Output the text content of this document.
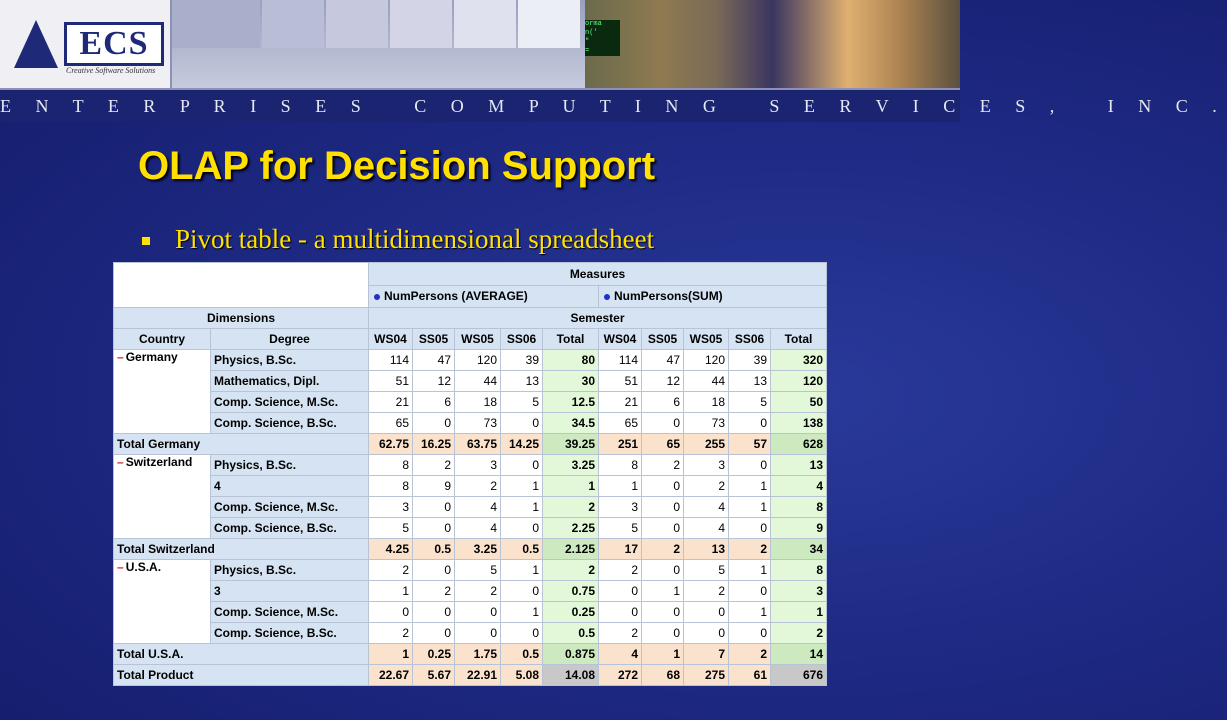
ECS
Creative Software Solutions
orma
n('
"
=
E N T E R P R I S E S   C O M P U T I N G   S E R V I C E S ,   I N C .
OLAP for Decision Support
Pivot table - a multidimensional spreadsheet
		Measures									
		NumPersons (AVERAGE)					NumPersons(SUM)				
Dimensions		Semester									
Country	Degree	WS04	SS05	WS05	SS06	Total	WS04	SS05	WS05	SS06	Total
– Germany	Physics, B.Sc.	114	47	120	39	80	114	47	120	39	320
	Mathematics, Dipl.	51	12	44	13	30	51	12	44	13	120
	Comp. Science, M.Sc.	21	6	18	5	12.5	21	6	18	5	50
	Comp. Science, B.Sc.	65	0	73	0	34.5	65	0	73	0	138
Total Germany		62.75	16.25	63.75	14.25	39.25	251	65	255	57	628
– Switzerland	Physics, B.Sc.	8	2	3	0	3.25	8	2	3	0	13
	4	8	9	2	1	1	1	0	2	1	4
	Comp. Science, M.Sc.	3	0	4	1	2	3	0	4	1	8
	Comp. Science, B.Sc.	5	0	4	0	2.25	5	0	4	0	9
Total Switzerland		4.25	0.5	3.25	0.5	2.125	17	2	13	2	34
– U.S.A.	Physics, B.Sc.	2	0	5	1	2	2	0	5	1	8
	3	1	2	2	0	0.75	0	1	2	0	3
	Comp. Science, M.Sc.	0	0	0	1	0.25	0	0	0	1	1
	Comp. Science, B.Sc.	2	0	0	0	0.5	2	0	0	0	2
Total U.S.A.		1	0.25	1.75	0.5	0.875	4	1	7	2	14
Total Product		22.67	5.67	22.91	5.08	14.08	272	68	275	61	676
